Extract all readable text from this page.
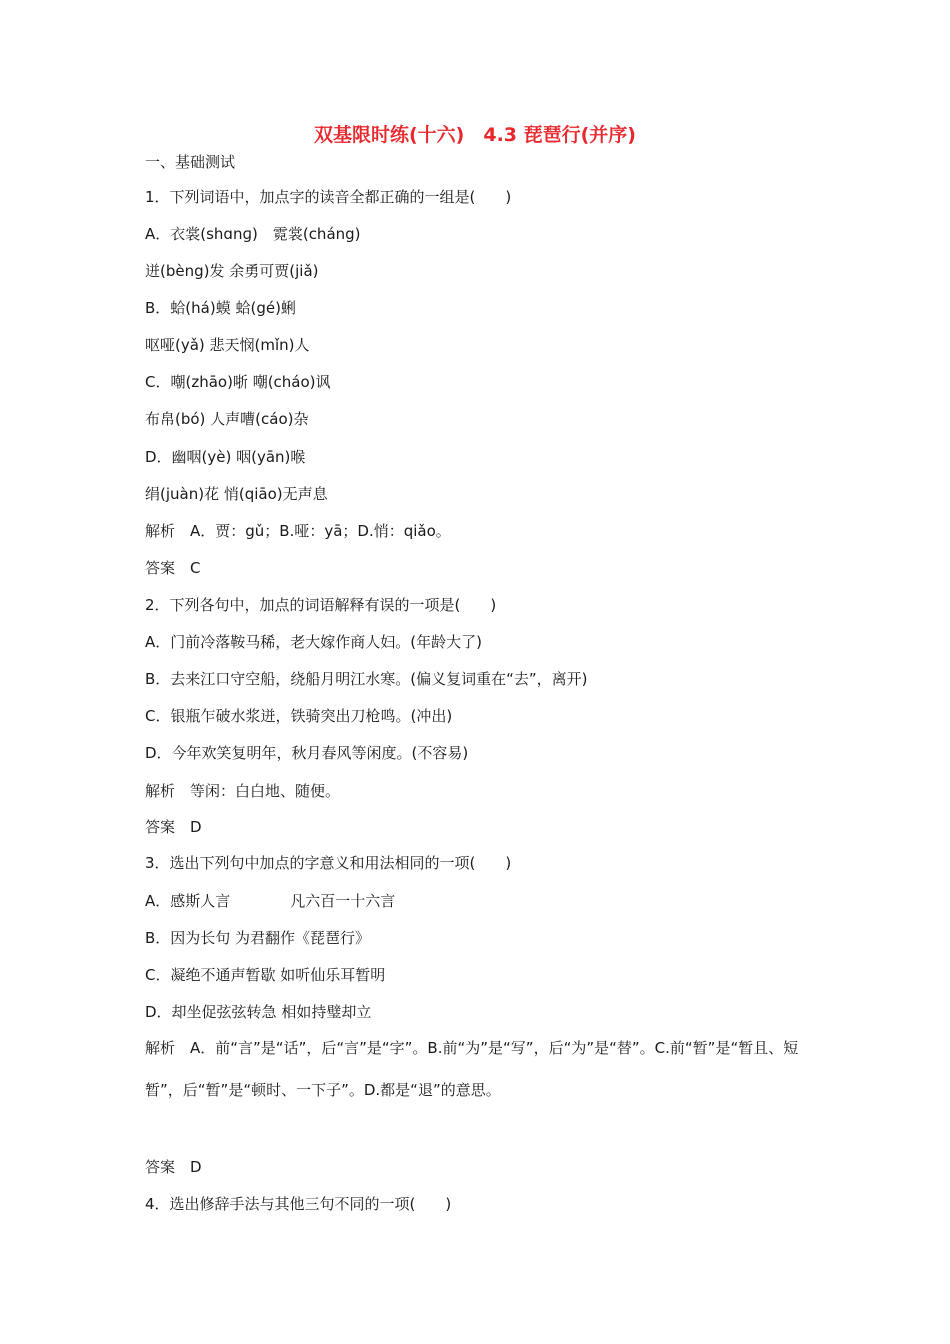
双基限时练(十六)　4.3 琵琶行(并序)

一、基础测试

1．下列词语中，加点字的读音全都正确的一组是(　　)

A．衣裳(shɑnɡ)　霓裳(cháng)

迸(bèng)发 余勇可贾(jiǎ)

B．蛤(há)蟆 蛤(gé)蜊

呕哑(yǎ) 悲天悯(mǐn)人

C．嘲(zhāo)哳 嘲(cháo)讽

布帛(bó) 人声嘈(cáo)杂

D．幽咽(yè) 咽(yān)喉

绢(juàn)花 悄(qiāo)无声息

解析　A．贾：gǔ；B.哑：yā；D.悄：qiǎo。

答案　C

2．下列各句中，加点的词语解释有误的一项是(　　)

A．门前冷落鞍马稀，老大嫁作商人妇。(年龄大了)

B．去来江口守空船，绕船月明江水寒。(偏义复词重在“去”，离开)

C．银瓶乍破水浆迸，铁骑突出刀枪鸣。(冲出)

D．今年欢笑复明年，秋月春风等闲度。(不容易)

解析　等闲：白白地、随便。

答案　D

3．选出下列句中加点的字意义和用法相同的一项(　　)

A．感斯人言　　　　凡六百一十六言

B．因为长句 为君翻作《琵琶行》

C．凝绝不通声暂歇 如听仙乐耳暂明

D．却坐促弦弦转急 相如持璧却立

解析　A．前“言”是“话”，后“言”是“字”。B.前“为”是“写”，后“为”是“替”。C.前“暂”是“暂且、短暂”，后“暂”是“顿时、一下子”。D.都是“退”的意思。

答案　D

4．选出修辞手法与其他三句不同的一项(　　)
